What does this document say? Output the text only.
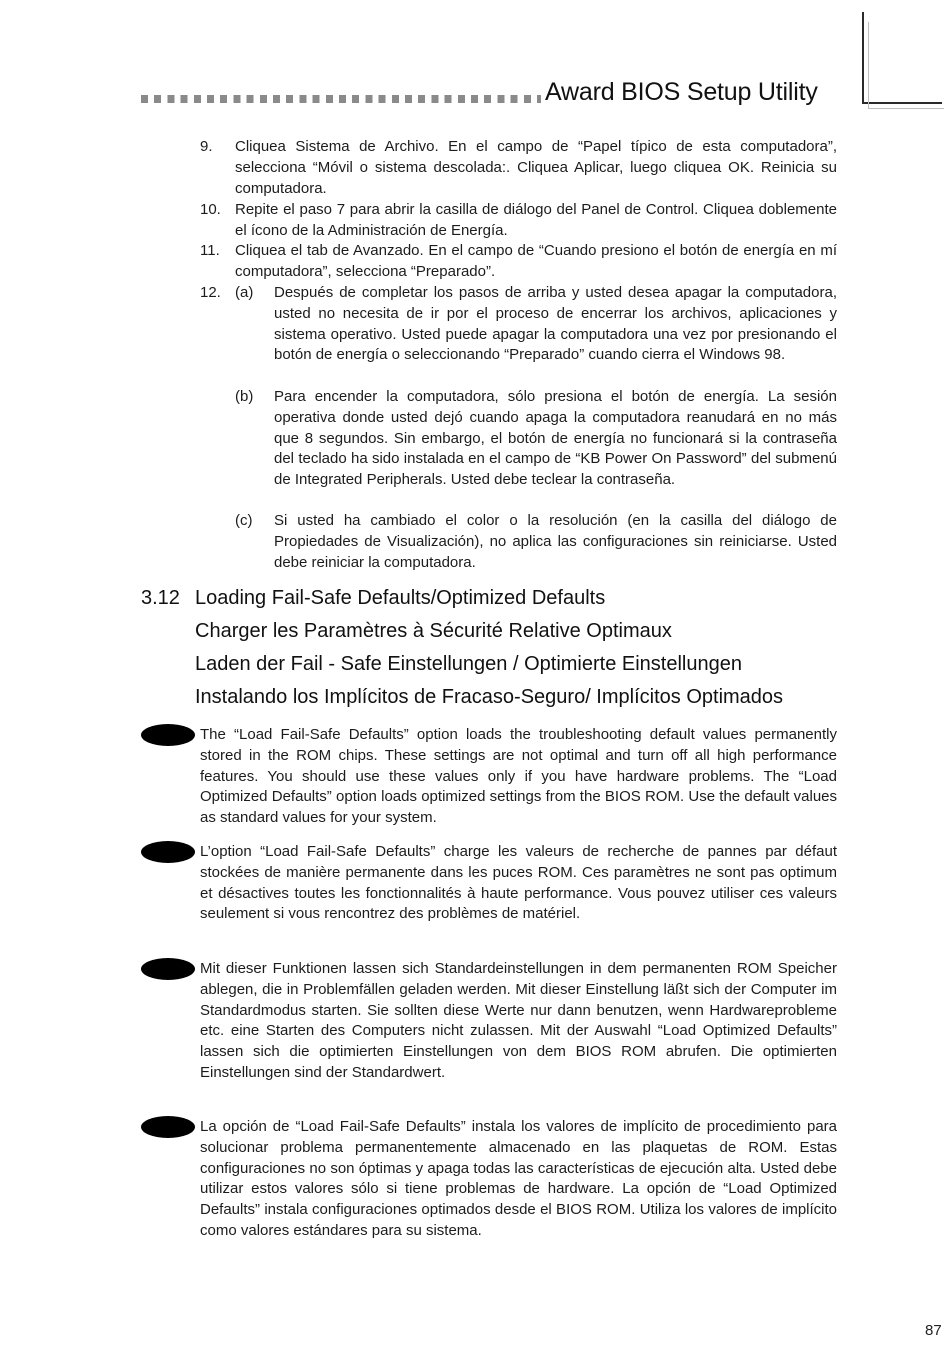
Award BIOS Setup Utility
9. Cliquea Sistema de Archivo. En el campo de “Papel típico de esta computadora”, selecciona “Móvil o sistema descolada:. Cliquea Aplicar, luego cliquea OK. Reinicia su computadora.

10. Repite el paso 7 para abrir la casilla de diálogo del Panel de Control. Cliquea doblemente el ícono de la Administración de Energía.

11. Cliquea el tab de Avanzado. En el campo de “Cuando presiono el botón de energía en mí computadora”, selecciona “Preparado”.

12. (a) Después de completar los pasos de arriba y usted desea apagar la computadora, usted no necesita de ir por el proceso de encerrar los archivos, aplicaciones y sistema operativo. Usted puede apagar la computadora una vez por presionando el botón de energía o seleccionando “Preparado” cuando cierra el Windows 98.

(b) Para encender la computadora, sólo presiona el botón de energía. La sesión operativa donde usted dejó cuando apaga la computadora reanudará en no más que 8 segundos. Sin embargo, el botón de energía no funcionará si la contraseña del teclado ha sido instalada en el campo de “KB Power On Password” del submenú de Integrated Peripherals. Usted debe teclear la contraseña.

(c) Si usted ha cambiado el color o la resolución (en la casilla del diálogo de Propiedades de Visualización), no aplica las configuraciones sin reiniciarse. Usted debe reiniciar la computadora.

3.12 Loading Fail-Safe Defaults/Optimized Defaults
Charger les Paramètres à Sécurité Relative Optimaux
Laden der Fail - Safe Einstellungen / Optimierte Einstellungen
Instalando los Implícitos de Fracaso-Seguro/ Implícitos Optimados

The “Load Fail-Safe Defaults” option loads the troubleshooting default values permanently stored in the ROM chips. These settings are not optimal and turn off all high performance features. You should use these values only if you have hardware problems. The “Load Optimized Defaults” option loads optimized settings from the BIOS ROM. Use the default values as standard values for your system.

L’option “Load Fail-Safe Defaults” charge les valeurs de recherche de pannes par défaut stockées de manière permanente dans les puces ROM. Ces paramètres ne sont pas optimum et désactives toutes les fonctionnalités à haute performance. Vous pouvez utiliser ces valeurs seulement si vous rencontrez des problèmes de matériel.

Mit dieser Funktionen lassen sich Standardeinstellungen in dem permanenten ROM Speicher ablegen, die in Problemfällen geladen werden. Mit dieser Einstellung läßt sich der Computer im Standardmodus starten. Sie sollten diese Werte nur dann benutzen, wenn Hardwareprobleme etc. eine Starten des Computers nicht zulassen. Mit der Auswahl “Load Optimized Defaults” lassen sich die optimierten Einstellungen von dem BIOS ROM abrufen. Die optimierten Einstellungen sind der Standardwert.

La opción de “Load Fail-Safe Defaults” instala los valores de implícito de procedimiento para solucionar problema permanentemente almacenado en las plaquetas de ROM. Estas configuraciones no son óptimas y apaga todas las características de ejecución alta. Usted debe utilizar estos valores sólo si tiene problemas de hardware. La opción de “Load Optimized Defaults” instala configuraciones optimados desde el BIOS ROM. Utiliza los valores de implícito como valores estándares para su sistema.

87
